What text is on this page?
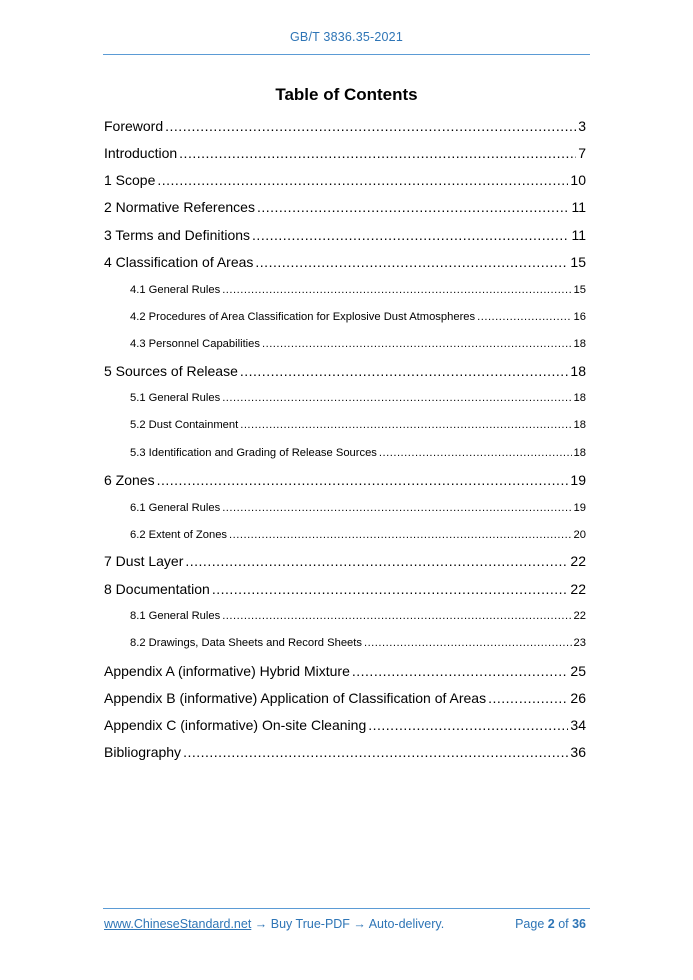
GB/T 3836.35-2021
Table of Contents
Foreword .....	3
Introduction .....	7
1 Scope .....	10
2 Normative References .....	11
3 Terms and Definitions .....	11
4 Classification of Areas .....	15
4.1 General Rules .....	15
4.2 Procedures of Area Classification for Explosive Dust Atmospheres .....	16
4.3 Personnel Capabilities .....	18
5 Sources of Release .....	18
5.1 General Rules .....	18
5.2 Dust Containment .....	18
5.3 Identification and Grading of Release Sources .....	18
6 Zones .....	19
6.1 General Rules .....	19
6.2 Extent of Zones .....	20
7 Dust Layer .....	22
8 Documentation .....	22
8.1 General Rules .....	22
8.2 Drawings, Data Sheets and Record Sheets .....	23
Appendix A (informative) Hybrid Mixture .....	25
Appendix B (informative) Application of Classification of Areas .....	26
Appendix C (informative) On-site Cleaning .....	34
Bibliography .....	36
www.ChineseStandard.net → Buy True-PDF → Auto-delivery.	Page 2 of 36
